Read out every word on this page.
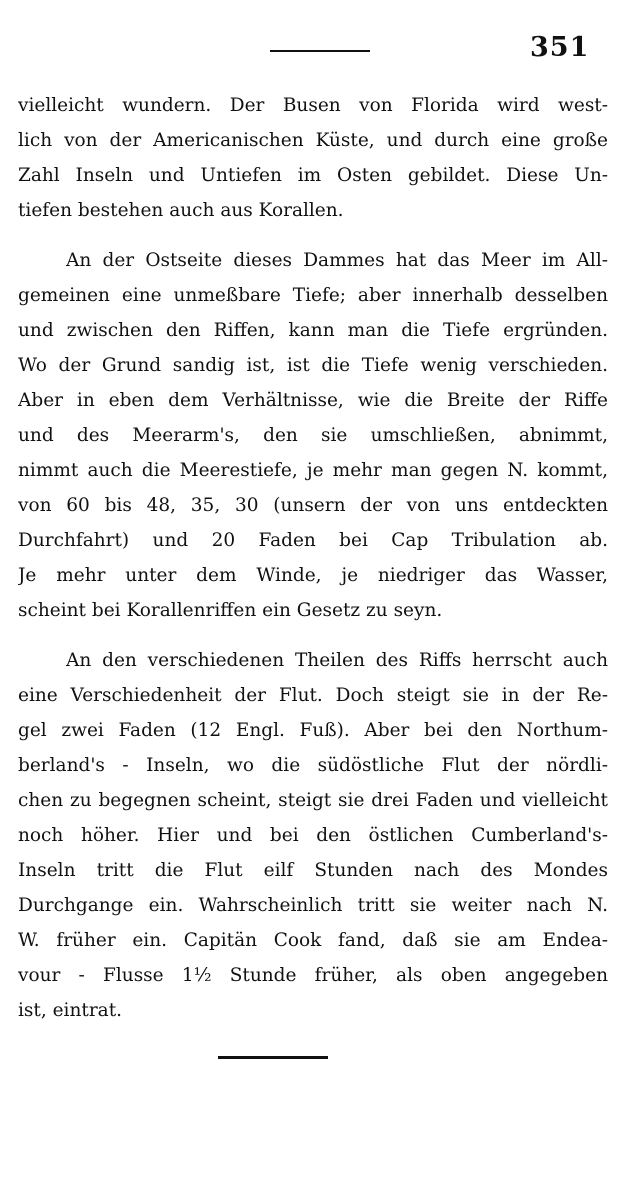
351
vielleicht wundern. Der Busen von Florida wird west-
lich von der Americanischen Küste, und durch eine große
Zahl Inseln und Untiefen im Osten gebildet. Diese Un-
tiefen bestehen auch aus Korallen.
An der Ostseite dieses Dammes hat das Meer im All-
gemeinen eine unmeßbare Tiefe; aber innerhalb desselben
und zwischen den Riffen, kann man die Tiefe ergründen.
Wo der Grund sandig ist, ist die Tiefe wenig verschieden.
Aber in eben dem Verhältnisse, wie die Breite der Riffe
und des Meerarm's, den sie umschließen, abnimmt,
nimmt auch die Meerestiefe, je mehr man gegen N. kommt,
von 60 bis 48, 35, 30 (unsern der von uns entdeckten
Durchfahrt) und 20 Faden bei Cap Tribulation ab.
Je mehr unter dem Winde, je niedriger das Wasser,
scheint bei Korallenriffen ein Gesetz zu seyn.
An den verschiedenen Theilen des Riffs herrscht auch
eine Verschiedenheit der Flut. Doch steigt sie in der Re-
gel zwei Faden (12 Engl. Fuß). Aber bei den Northum-
berland's - Inseln, wo die südöstliche Flut der nördli-
chen zu begegnen scheint, steigt sie drei Faden und vielleicht
noch höher. Hier und bei den östlichen Cumberland's-
Inseln tritt die Flut eilf Stunden nach des Mondes
Durchgange ein. Wahrscheinlich tritt sie weiter nach N.
W. früher ein. Capitän Cook fand, daß sie am Endea-
vour - Flusse 1½ Stunde früher, als oben angegeben
ist, eintrat.
